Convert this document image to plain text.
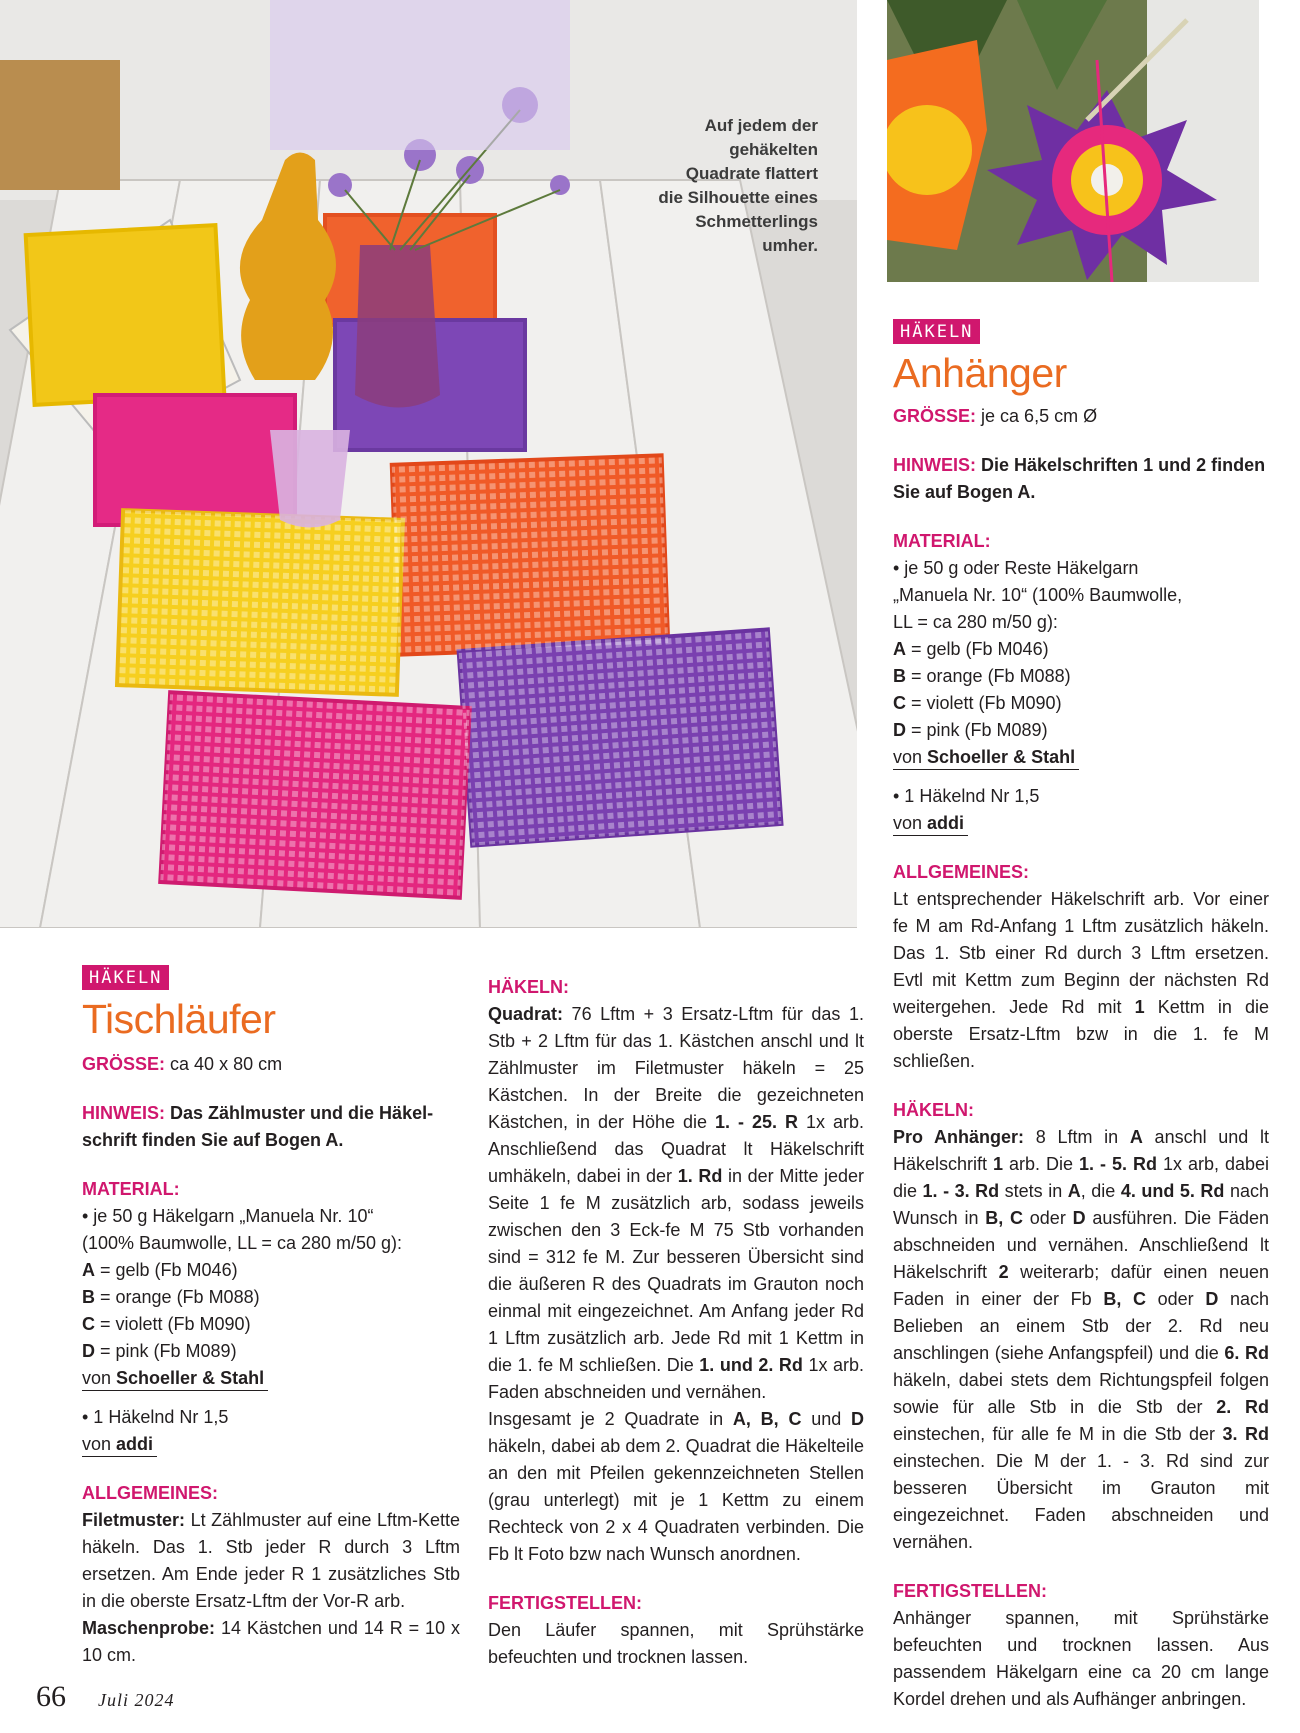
Auf jedem der
gehäkelten
Quadrate flattert
die Silhouette eines
Schmetterlings
umher.
HÄKELN
Tischläufer

GRÖSSE: ca 40 x 80 cm

HINWEIS: Das Zählmuster und die Häkel-

schrift finden Sie auf Bogen A.

MATERIAL:

• je 50 g Häkelgarn „Manuela Nr. 10“

(100% Baumwolle, LL = ca 280 m/50 g):

A = gelb (Fb M046)

B = orange (Fb M088)

C = violett (Fb M090)

D = pink (Fb M089)

von Schoeller & Stahl

• 1 Häkelnd Nr 1,5

von addi

ALLGEMEINES:

Filetmuster: Lt Zählmuster auf eine Lftm-Kette häkeln. Das 1. Stb jeder R durch 3 Lftm ersetzen. Am Ende jeder R 1 zusätzliches Stb in die oberste Ersatz-Lftm der Vor-R arb.

Maschenprobe: 14 Kästchen und 14 R = 10 x 10 cm.

HÄKELN:

Quadrat: 76 Lftm + 3 Ersatz-Lftm für das 1. Stb + 2 Lftm für das 1. Kästchen anschl und lt Zählmuster im Filetmuster häkeln = 25 Kästchen. In der Breite die gezeichneten Kästchen, in der Höhe die 1. - 25. R 1x arb. Anschließend das Quadrat lt Häkelschrift umhäkeln, dabei in der 1. Rd in der Mitte jeder Seite 1 fe M zusätzlich arb, sodass jeweils zwischen den 3 Eck-fe M 75 Stb vorhanden sind = 312 fe M. Zur besseren Übersicht sind die äußeren R des Quadrats im Grauton noch einmal mit eingezeichnet. Am Anfang jeder Rd 1 Lftm zusätzlich arb. Jede Rd mit 1 Kettm in die 1. fe M schließen. Die 1. und 2. Rd 1x arb. Faden abschneiden und vernähen.

Insgesamt je 2 Quadrate in A, B, C und D häkeln, dabei ab dem 2. Quadrat die Häkelteile an den mit Pfeilen gekennzeichneten Stellen (grau unterlegt) mit je 1 Kettm zu einem Rechteck von 2 x 4 Quadraten verbinden. Die Fb lt Foto bzw nach Wunsch anordnen.

FERTIGSTELLEN:

Den Läufer spannen, mit Sprühstärke befeuchten und trocknen lassen.

HÄKELN
Anhänger

GRÖSSE: je ca 6,5 cm Ø

HINWEIS: Die Häkelschriften 1 und 2 finden

Sie auf Bogen A.

MATERIAL:

• je 50 g oder Reste Häkelgarn

„Manuela Nr. 10“ (100% Baumwolle,

LL = ca 280 m/50 g):

A = gelb (Fb M046)

B = orange (Fb M088)

C = violett (Fb M090)

D = pink (Fb M089)

von Schoeller & Stahl

• 1 Häkelnd Nr 1,5

von addi

ALLGEMEINES:

Lt entsprechender Häkelschrift arb. Vor einer fe M am Rd-Anfang 1 Lftm zusätzlich häkeln. Das 1. Stb einer Rd durch 3 Lftm ersetzen. Evtl mit Kettm zum Beginn der nächsten Rd weitergehen. Jede Rd mit 1 Kettm in die oberste Ersatz-Lftm bzw in die 1. fe M schließen.

HÄKELN:

Pro Anhänger: 8 Lftm in A anschl und lt Häkelschrift 1 arb. Die 1. - 5. Rd 1x arb, dabei die 1. - 3. Rd stets in A, die 4. und 5. Rd nach Wunsch in B, C oder D ausführen. Die Fäden abschneiden und vernähen. Anschließend lt Häkelschrift 2 weiterarb; dafür einen neuen Faden in einer der Fb B, C oder D nach Belieben an einem Stb der 2. Rd neu anschlingen (siehe Anfangspfeil) und die 6. Rd häkeln, dabei stets dem Richtungspfeil folgen sowie für alle Stb in die Stb der 2. Rd einstechen, für alle fe M in die Stb der 3. Rd einstechen. Die M der 1. - 3. Rd sind zur besseren Übersicht im Grauton mit eingezeichnet. Faden abschneiden und vernähen.

FERTIGSTELLEN:

Anhänger spannen, mit Sprühstärke befeuchten und trocknen lassen. Aus passendem Häkelgarn eine ca 20 cm lange Kordel drehen und als Aufhänger anbringen.

66 Juli 2024
